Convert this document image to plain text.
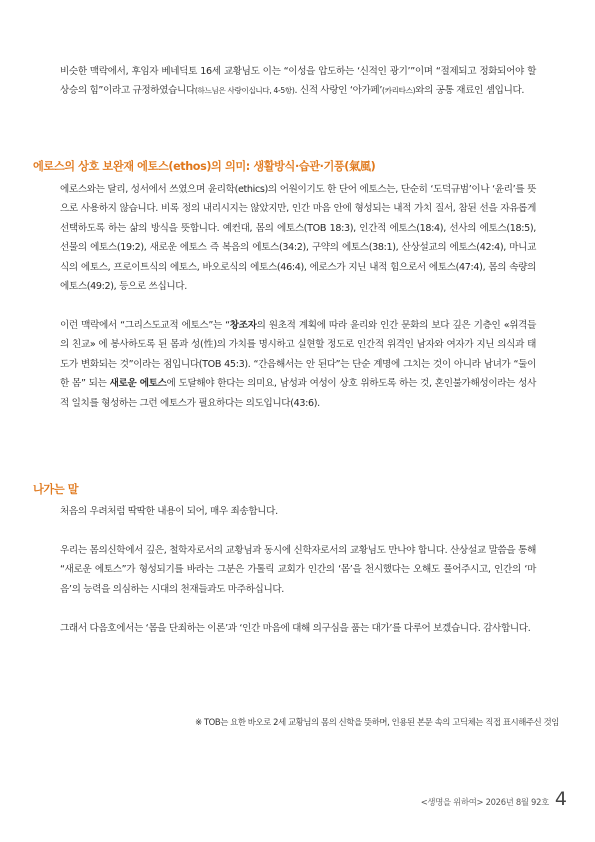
비슷한 맥락에서, 후임자 베네딕토 16세 교황님도 이는 “이성을 압도하는 ‘신적인 광기’”이며 “절제되고 정화되어야 할 상승의 힘”이라고 규정하였습니다(하느님은 사랑이십니다, 4-5항). 신적 사랑인 ‘아가페’(카리타스)와의 공통 재료인 셈입니다.

에로스의 상호 보완재 에토스(ethos)의 의미: 생활방식·습관·기풍(氣風)

에로스와는 달리, 성서에서 쓰였으며 윤리학(ethics)의 어원이기도 한 단어 에토스는, 단순히 ‘도덕규범’이나 ‘윤리’를 뜻으로 사용하지 않습니다. 비록 정의 내리시지는 않았지만, 인간 마음 안에 형성되는 내적 가치 질서, 참된 선을 자유롭게 선택하도록 하는 삶의 방식을 뜻합니다. 예컨대, 몸의 에토스(TOB 18:3), 인간적 에토스(18:4), 선사의 에토스(18:5), 선물의 에토스(19:2), 새로운 에토스 즉 복음의 에토스(34:2), 구약의 에토스(38:1), 산상설교의 에토스(42:4), 마니교식의 에토스, 프로이트식의 에토스, 바오로식의 에토스(46:4), 에로스가 지닌 내적 힘으로서 에토스(47:4), 몸의 속량의 에토스(49:2), 등으로 쓰십니다.

이런 맥락에서 “그리스도교적 에토스”는 “창조자의 원초적 계획에 따라 윤리와 인간 문화의 보다 깊은 기층인 «위격들의 친교» 에 봉사하도록 된 몸과 성(性)의 가치를 명시하고 실현할 정도로 인간적 위격인 남자와 여자가 지닌 의식과 태도가 변화되는 것”이라는 점입니다(TOB 45:3). “간음해서는 안 된다”는 단순 계명에 그치는 것이 아니라 남녀가 “둘이 한 몸” 되는 새로운 에토스에 도달해야 한다는 의미요, 남성과 여성이 상호 위하도록 하는 것, 혼인불가해성이라는 성사적 일치를 형성하는 그런 에토스가 필요하다는 의도입니다(43:6).

나가는 말

처음의 우려처럼 딱딱한 내용이 되어, 매우 죄송합니다.

우리는 몸의신학에서 깊은, 철학자로서의 교황님과 동시에 신학자로서의 교황님도 만나야 합니다. 산상설교 말씀을 통해 “새로운 에토스”가 형성되기를 바라는 그분은 가톨릭 교회가 인간의 ‘몸’을 천시했다는 오해도 풀어주시고, 인간의 ‘마음’의 능력을 의심하는 시대의 천재들과도 마주하십니다.

그래서 다음호에서는 ‘몸을 단죄하는 이론’과 ‘인간 마음에 대해 의구심을 품는 대가’를 다루어 보겠습니다. 감사합니다.

※ TOB는 요한 바오로 2세 교황님의 몸의 신학을 뜻하며, 인용된 본문 속의 고딕체는 직접 표시해주신 것임
<생명을 위하여> 2026년 8월 92호 4
